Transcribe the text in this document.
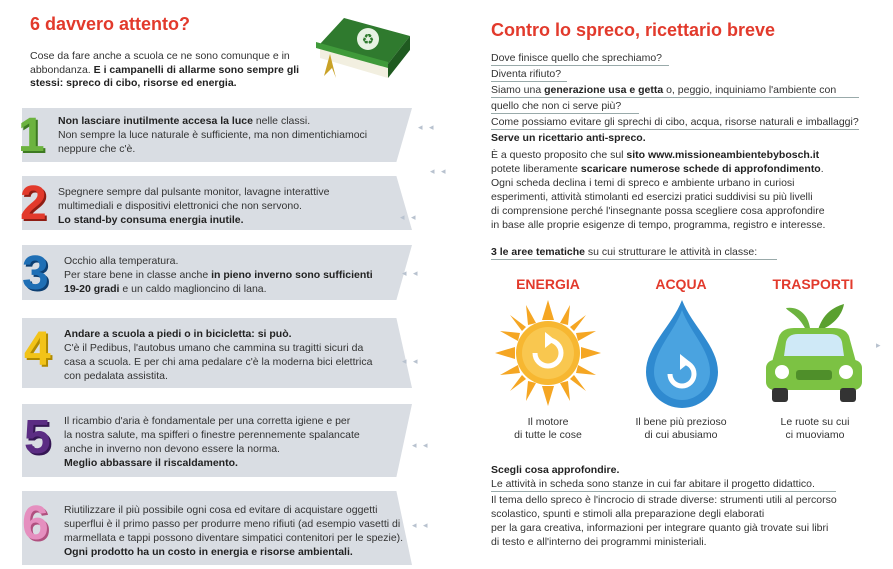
6 davvero attento?
Cose da fare anche a scuola ce ne sono comunque e in abbondanza. E i campanelli di allarme sono sempre gli stessi: spreco di cibo, risorse ed energia.
♻
1
2
3
4
5
6
Non lasciare inutilmente accesa la luce nelle classi.
Non sempre la luce naturale è sufficiente, ma non dimentichiamoci
neppure che c'è.
Spegnere sempre dal pulsante monitor, lavagne interattive
multimediali e dispositivi elettronici che non servono.
Lo stand-by consuma energia inutile.
Occhio alla temperatura.
Per stare bene in classe anche in pieno inverno sono sufficienti
19-20 gradi e un caldo maglioncino di lana.
Andare a scuola a piedi o in bicicletta: si può.
C'è il Pedibus, l'autobus umano che cammina su tragitti sicuri da
casa a scuola. E per chi ama pedalare c'è la moderna bici elettrica
con pedalata assistita.
Il ricambio d'aria è fondamentale per una corretta igiene e per
la nostra salute, ma spifferi o finestre perennemente spalancate
anche in inverno non devono essere la norma.
Meglio abbassare il riscaldamento.
Riutilizzare il più possibile ogni cosa ed evitare di acquistare oggetti
superflui è il primo passo per produrre meno rifiuti (ad esempio vasetti di
marmellata e tappi possono diventare simpatici contenitori per le spezie).
Ogni prodotto ha un costo in energia e risorse ambientali.
◂ ◂
◂ ◂
◂ ◂
◂ ◂
◂ ◂
◂ ◂
◂ ◂
▸
Contro lo spreco, ricettario breve
Dove finisce quello che sprechiamo?
Diventa rifiuto?
Siamo una generazione usa e getta o, peggio, inquiniamo l'ambiente con
quello che non ci serve più?
Come possiamo evitare gli sprechi di cibo, acqua, risorse naturali e imballaggi?
Serve un ricettario anti-spreco.
È a questo proposito che sul sito www.missioneambientebybosch.it
potete liberamente scaricare numerose schede di approfondimento.
Ogni scheda declina i temi di spreco e ambiente urbano in curiosi
esperimenti, attività stimolanti ed esercizi pratici suddivisi su più livelli
di comprensione perché l'insegnante possa scegliere cosa approfondire
in base alle proprie esigenze di tempo, programma, registro e interesse.
3 le aree tematiche su cui strutturare le attività in classe:
ENERGIA	ACQUA	TRASPORTI
Il motore
di tutte le cose
Il bene più prezioso
di cui abusiamo
Le ruote su cui
ci muoviamo
Scegli cosa approfondire.
Le attività in scheda sono stanze in cui far abitare il progetto didattico.
Il tema dello spreco è l'incrocio di strade diverse: strumenti utili al percorso
scolastico, spunti e stimoli alla preparazione degli elaborati
per la gara creativa, informazioni per integrare quanto già trovate sui libri
di testo e all'interno dei programmi ministeriali.
